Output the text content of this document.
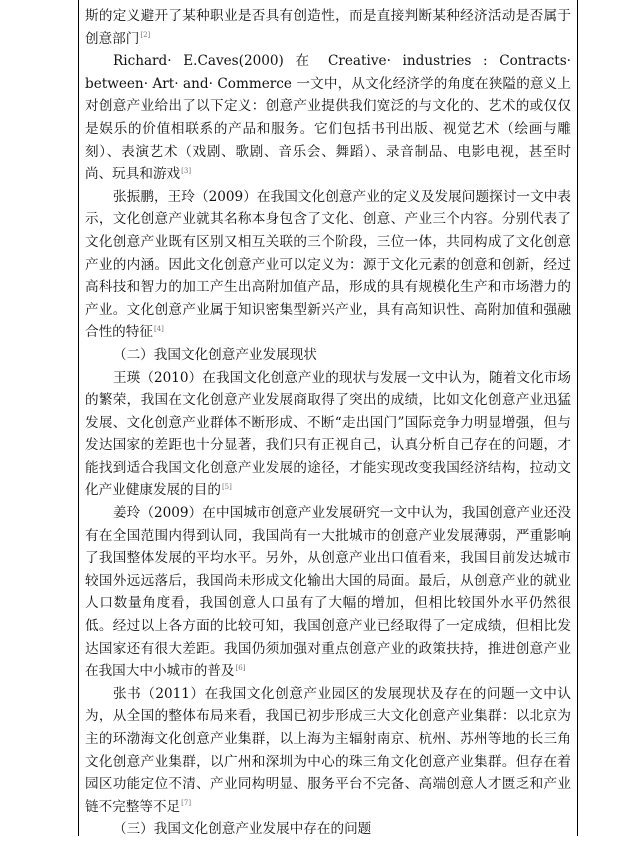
斯的定义避开了某种职业是否具有创造性，而是直接判断某种经济活动是否属于创意部门[2]

Richard· E.Caves(2000) 在 Creative· industries : Contracts· between· Art· and· Commerce 一文中，从文化经济学的角度在狭隘的意义上对创意产业给出了以下定义：创意产业提供我们宽泛的与文化的、艺术的或仅仅是娱乐的价值相联系的产品和服务。它们包括书刊出版、视觉艺术（绘画与雕刻）、表演艺术（戏剧、歌剧、音乐会、舞蹈）、录音制品、电影电视，甚至时尚、玩具和游戏[3]

张振鹏，王玲（2009）在我国文化创意产业的定义及发展问题探讨一文中表示，文化创意产业就其名称本身包含了文化、创意、产业三个内容。分别代表了文化创意产业既有区别又相互关联的三个阶段，三位一体，共同构成了文化创意产业的内涵。因此文化创意产业可以定义为：源于文化元素的创意和创新，经过高科技和智力的加工产生出高附加值产品，形成的具有规模化生产和市场潜力的产业。文化创意产业属于知识密集型新兴产业，具有高知识性、高附加值和强融合性的特征[4]

（二）我国文化创意产业发展现状

王瑛（2010）在我国文化创意产业的现状与发展一文中认为，随着文化市场的繁荣，我国在文化创意产业发展商取得了突出的成绩，比如文化创意产业迅猛发展、文化创意产业群体不断形成、不断“走出国门”国际竞争力明显增强，但与发达国家的差距也十分显著，我们只有正视自己，认真分析自己存在的问题，才能找到适合我国文化创意产业发展的途径，才能实现改变我国经济结构，拉动文化产业健康发展的目的[5]

姜玲（2009）在中国城市创意产业发展研究一文中认为，我国创意产业还没有在全国范围内得到认同，我国尚有一大批城市的创意产业发展薄弱，严重影响了我国整体发展的平均水平。另外，从创意产业出口值看来，我国目前发达城市较国外远远落后，我国尚未形成文化输出大国的局面。最后，从创意产业的就业人口数量角度看，我国创意人口虽有了大幅的增加，但相比较国外水平仍然很低。经过以上各方面的比较可知，我国创意产业已经取得了一定成绩，但相比发达国家还有很大差距。我国仍须加强对重点创意产业的政策扶持，推进创意产业在我国大中小城市的普及[6]

张书（2011）在我国文化创意产业园区的发展现状及存在的问题一文中认为，从全国的整体布局来看，我国已初步形成三大文化创意产业集群：以北京为主的环渤海文化创意产业集群，以上海为主辐射南京、杭州、苏州等地的长三角文化创意产业集群，以广州和深圳为中心的珠三角文化创意产业集群。但存在着园区功能定位不清、产业同构明显、服务平台不完备、高端创意人才匮乏和产业链不完整等不足[7]

（三）我国文化创意产业发展中存在的问题
